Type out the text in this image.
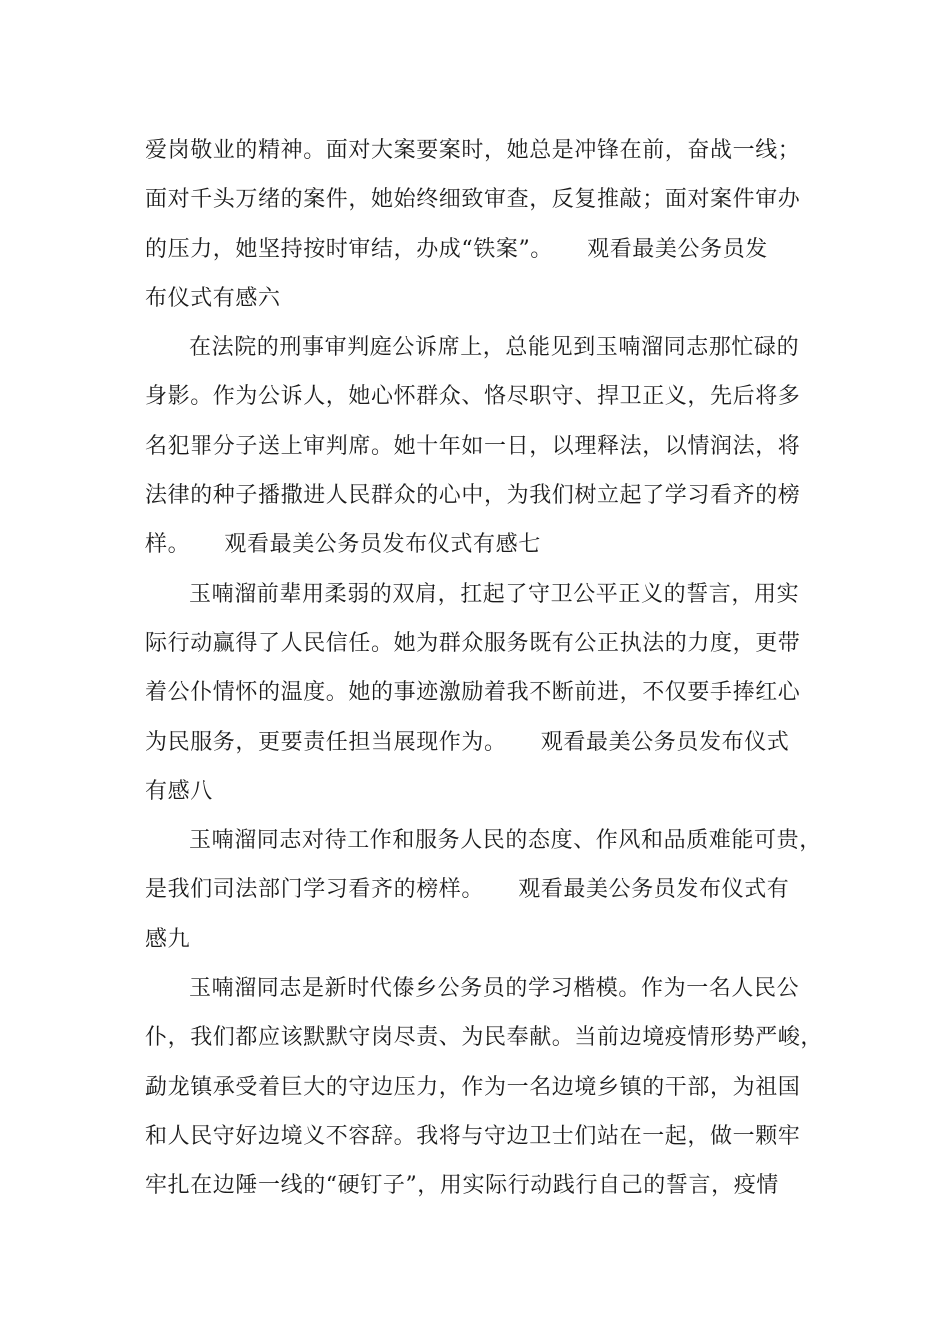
爱岗敬业的精神。面对大案要案时，她总是冲锋在前，奋战一线；
面对千头万绪的案件，她始终细致审查，反复推敲；面对案件审办
的压力，她坚持按时审结，办成“铁案”。　　观看最美公务员发
布仪式有感六
在法院的刑事审判庭公诉席上，总能见到玉喃溜同志那忙碌的
身影。作为公诉人，她心怀群众、恪尽职守、捍卫正义，先后将多
名犯罪分子送上审判席。她十年如一日，以理释法，以情润法，将
法律的种子播撒进人民群众的心中，为我们树立起了学习看齐的榜
样。　　观看最美公务员发布仪式有感七
玉喃溜前辈用柔弱的双肩，扛起了守卫公平正义的誓言，用实
际行动赢得了人民信任。她为群众服务既有公正执法的力度，更带
着公仆情怀的温度。她的事迹激励着我不断前进，不仅要手捧红心
为民服务，更要责任担当展现作为。　　观看最美公务员发布仪式
有感八
玉喃溜同志对待工作和服务人民的态度、作风和品质难能可贵，
是我们司法部门学习看齐的榜样。　　观看最美公务员发布仪式有
感九
玉喃溜同志是新时代傣乡公务员的学习楷模。作为一名人民公
仆，我们都应该默默守岗尽责、为民奉献。当前边境疫情形势严峻，
勐龙镇承受着巨大的守边压力，作为一名边境乡镇的干部，为祖国
和人民守好边境义不容辞。我将与守边卫士们站在一起，做一颗牢
牢扎在边陲一线的“硬钉子”，用实际行动践行自己的誓言，疫情
